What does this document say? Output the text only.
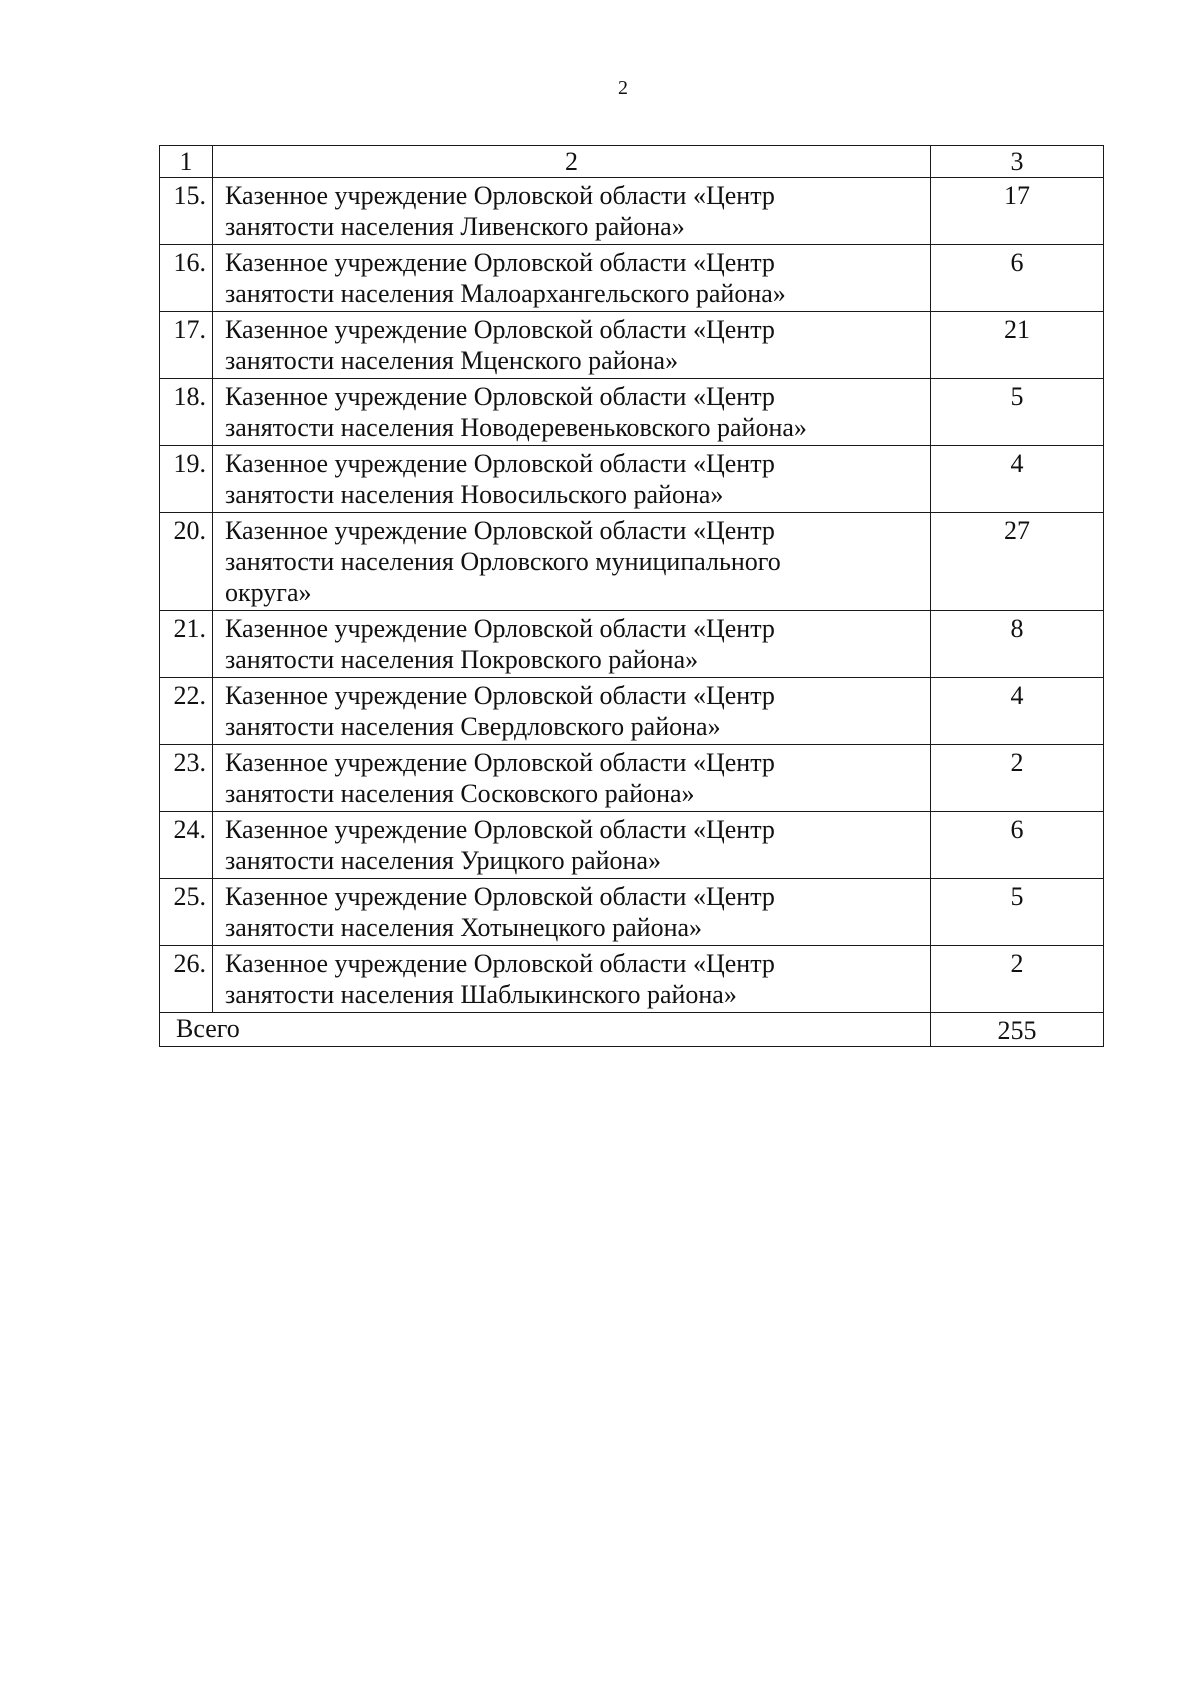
2
1	2	3
15.	Казенное учреждение Орловской области «Центр
занятости населения Ливенского района»	17
16.	Казенное учреждение Орловской области «Центр
занятости населения Малоархангельского района»	6
17.	Казенное учреждение Орловской области «Центр
занятости населения Мценского района»	21
18.	Казенное учреждение Орловской области «Центр
занятости населения Новодеревеньковского района»	5
19.	Казенное учреждение Орловской области «Центр
занятости населения Новосильского района»	4
20.	Казенное учреждение Орловской области «Центр
занятости населения Орловского муниципального
округа»	27
21.	Казенное учреждение Орловской области «Центр
занятости населения Покровского района»	8
22.	Казенное учреждение Орловской области «Центр
занятости населения Свердловского района»	4
23.	Казенное учреждение Орловской области «Центр
занятости населения Сосковского района»	2
24.	Казенное учреждение Орловской области «Центр
занятости населения Урицкого района»	6
25.	Казенное учреждение Орловской области «Центр
занятости населения Хотынецкого района»	5
26.	Казенное учреждение Орловской области «Центр
занятости населения Шаблыкинского района»	2
Всего		255
